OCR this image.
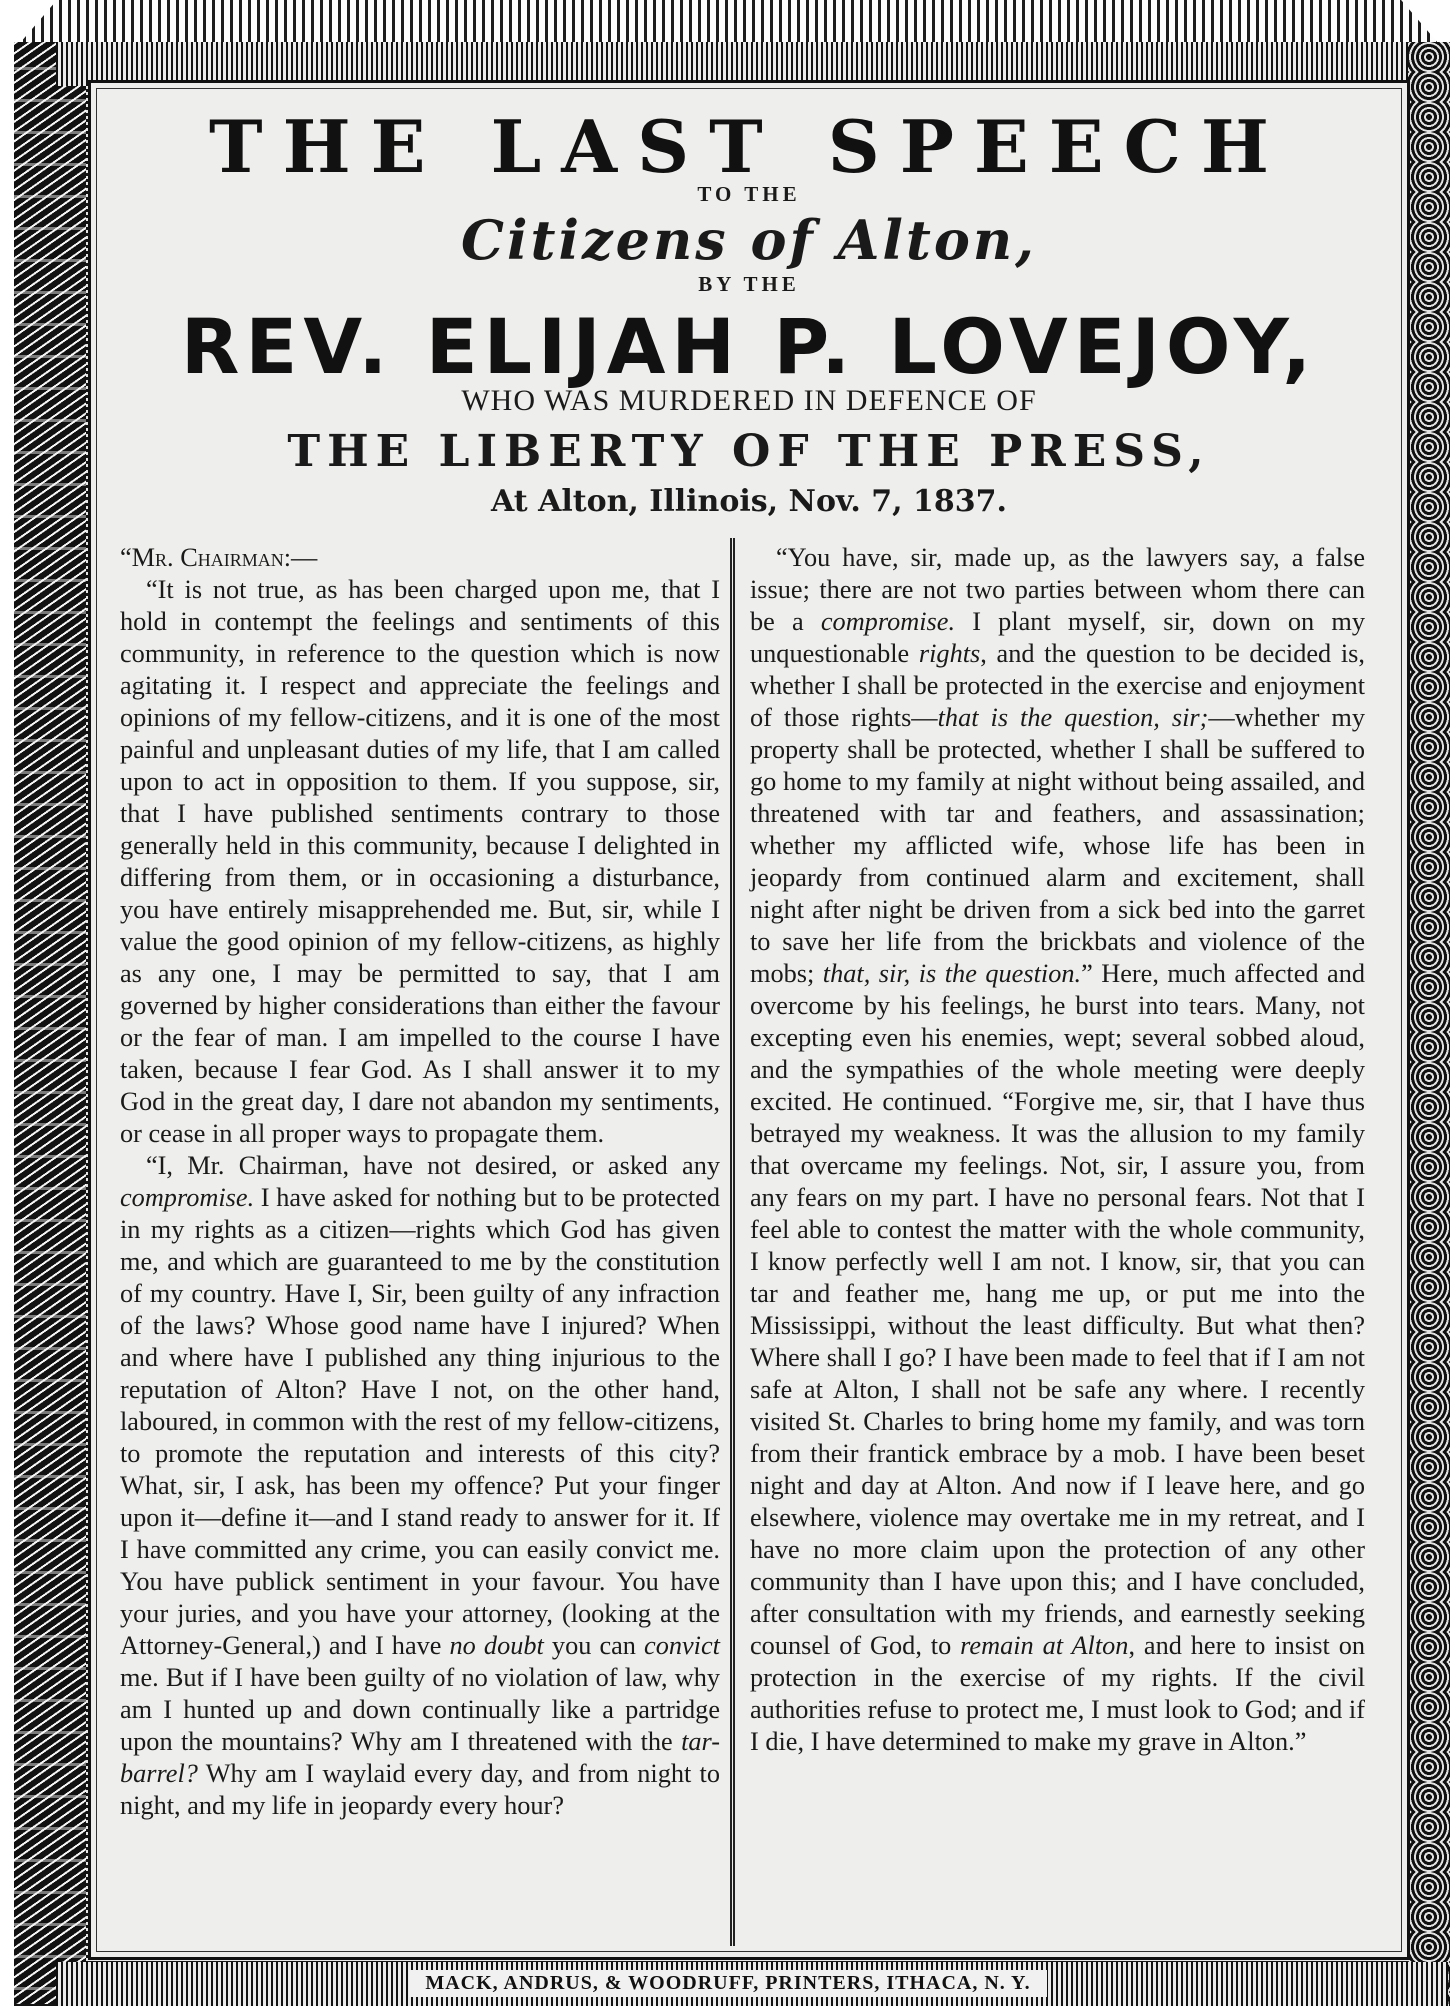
THE LAST SPEECH
TO THE
Citizens of Alton,
BY THE
REV. ELIJAH P. LOVEJOY,
WHO WAS MURDERED IN DEFENCE OF
THE LIBERTY OF THE PRESS,
At Alton, Illinois, Nov. 7, 1837.

“Mr. Chairman:—

“It is not true, as has been charged upon me, that I hold in contempt the feelings and sentiments of this community, in reference to the question which is now agitating it. I respect and appreciate the feelings and opinions of my fellow-citizens, and it is one of the most painful and unpleasant duties of my life, that I am called upon to act in opposition to them. If you suppose, sir, that I have published sentiments contrary to those generally held in this community, because I delighted in differing from them, or in occasioning a disturbance, you have entirely misapprehended me. But, sir, while I value the good opinion of my fellow-citizens, as highly as any one, I may be permitted to say, that I am governed by higher considerations than either the favour or the fear of man. I am impelled to the course I have taken, because I fear God. As I shall answer it to my God in the great day, I dare not abandon my sentiments, or cease in all proper ways to propagate them.

“I, Mr. Chairman, have not desired, or asked any compromise. I have asked for nothing but to be protected in my rights as a citizen—rights which God has given me, and which are guaranteed to me by the constitution of my country. Have I, Sir, been guilty of any infraction of the laws? Whose good name have I injured? When and where have I published any thing injurious to the reputation of Alton? Have I not, on the other hand, laboured, in common with the rest of my fellow-citizens, to promote the reputation and interests of this city? What, sir, I ask, has been my offence? Put your finger upon it—define it—and I stand ready to answer for it. If I have committed any crime, you can easily convict me. You have publick sentiment in your favour. You have your juries, and you have your attorney, (looking at the Attorney-General,) and I have no doubt you can convict me. But if I have been guilty of no violation of law, why am I hunted up and down continually like a partridge upon the mountains? Why am I threatened with the tar-barrel? Why am I waylaid every day, and from night to night, and my life in jeopardy every hour?

“You have, sir, made up, as the lawyers say, a false issue; there are not two parties between whom there can be a compromise. I plant myself, sir, down on my unquestionable rights, and the question to be decided is, whether I shall be protected in the exercise and enjoyment of those rights—that is the question, sir;—whether my property shall be protected, whether I shall be suffered to go home to my family at night without being assailed, and threatened with tar and feathers, and assassination; whether my afflicted wife, whose life has been in jeopardy from continued alarm and excitement, shall night after night be driven from a sick bed into the garret to save her life from the brickbats and violence of the mobs; that, sir, is the question.” Here, much affected and overcome by his feelings, he burst into tears. Many, not excepting even his enemies, wept; several sobbed aloud, and the sympathies of the whole meeting were deeply excited. He continued. “Forgive me, sir, that I have thus betrayed my weakness. It was the allusion to my family that overcame my feelings. Not, sir, I assure you, from any fears on my part. I have no personal fears. Not that I feel able to contest the matter with the whole community, I know perfectly well I am not. I know, sir, that you can tar and feather me, hang me up, or put me into the Mississippi, without the least difficulty. But what then? Where shall I go? I have been made to feel that if I am not safe at Alton, I shall not be safe any where. I recently visited St. Charles to bring home my family, and was torn from their frantick embrace by a mob. I have been beset night and day at Alton. And now if I leave here, and go elsewhere, violence may overtake me in my retreat, and I have no more claim upon the protection of any other community than I have upon this; and I have concluded, after consultation with my friends, and earnestly seeking counsel of God, to remain at Alton, and here to insist on protection in the exercise of my rights. If the civil authorities refuse to protect me, I must look to God; and if I die, I have determined to make my grave in Alton.”

MACK, ANDRUS, & WOODRUFF, PRINTERS, ITHACA, N. Y.
